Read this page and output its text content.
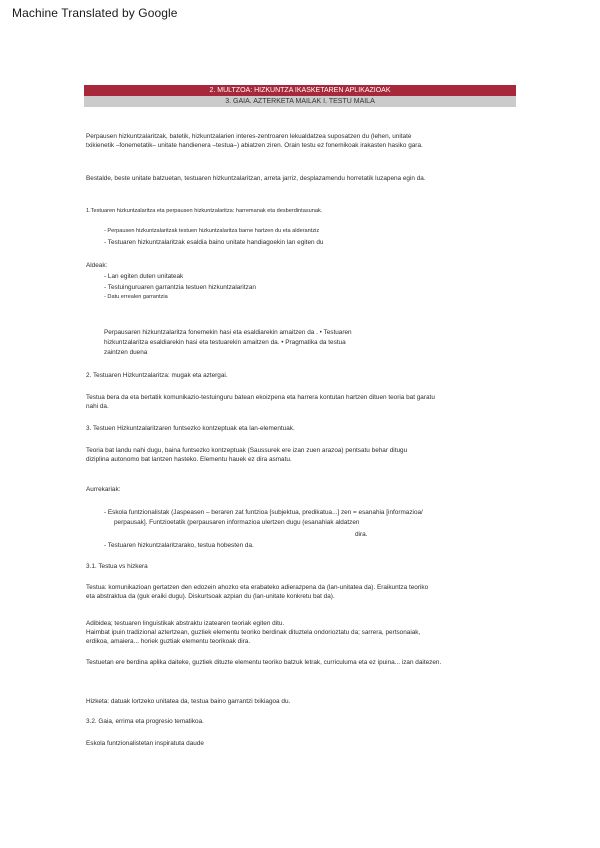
Machine Translated by Google
2. MULTZOA: HIZKUNTZA IKASKETAREN APLIKAZIOAK
3. GAIA. AZTERKETA MAILAK I. TESTU MAILA

Perpausen hizkuntzalaritzak, batetik, hizkuntzalarien interes-zentroaren lekualdatzea suposatzen du (lehen, unitate

txikienetik –fonemetatik– unitate handienera –testua–) abiatzen ziren. Orain testu ez fonemikoak irakasten hasiko gara.

Bestalde, beste unitate batzuetan, testuaren hizkuntzalaritzan, arreta jarriz, desplazamendu horretatik luzapena egin da.

1.Testuaren hizkuntzalaritza eta perpausen hizkuntzalaritza: harremanak eta desberdintasunak.

- Perpausen hizkuntzalaritzak testuen hizkuntzalaritza barne hartzen du eta alderantziz

- Testuaren hizkuntzalaritzak esaldia baino unitate handiagoekin lan egiten du

Aldeak:

- Lan egiten duten unitateak

- Testuinguruaren garrantzia testuen hizkuntzalaritzan

- Datu errealen garrantzia

Perpausaren hizkuntzalaritza fonemekin hasi eta esaldiarekin amaitzen da . • Testuaren

hizkuntzalaritza esaldiarekin hasi eta testuarekin amaitzen da. • Pragmatika da testua

zaintzen duena

2. Testuaren Hizkuntzalaritza: mugak eta aztergai.

Testua bera da eta bertatik komunikazio-testuinguru batean ekoizpena eta harrera kontutan hartzen dituen teoria bat garatu

nahi da.

3. Testuen Hizkuntzalaritzaren funtsezko kontzeptuak eta lan-elementuak.

Teoria bat landu nahi dugu, baina funtsezko kontzeptuak (Saussurek ere izan zuen arazoa) pentsatu behar ditugu

diziplina autonomo bat lantzen hasteko. Elementu hauek ez dira asmatu.

Aurrekariak:

- Eskola funtzionalistak (Jaspeasen – beraren zat funtzioa [subjektua, predikatua...] zen = esanahia [informazioa/

perpausak]. Funtzioetatik (perpausaren informazioa ulertzen dugu (esanahiak aldatzen

dira.

- Testuaren hizkuntzalaritzarako, testua hobesten da.

3.1. Testua vs hizkera

Testua: komunikazioan gertatzen den edozein ahozko eta erabateko adierazpena da (lan-unitatea da). Eraikuntza teoriko

eta abstraktua da (guk eraiki dugu). Diskurtsoak azpian du (lan-unitate konkretu bat da).

Adibidea; testuaren linguistikak abstraktu izatearen teoriak egiten ditu.

Haimbat ipuin tradizional aztertzean, guztiek elementu teoriko berdinak dituztela ondorioztatu da; sarrera, pertsonaiak,

erdikoa, amaiera... horiek guztiak elementu teorikoak dira.

Testuetan ere berdina aplika daiteke, guztiek dituzte elementu teoriko batzuk letrak, curriculuma eta ez ipuina... izan daitezen.

Hizketa: datuak lortzeko unitatea da, testua baino garrantzi txikiagoa du.

3.2. Gaia, errima eta progresio tematikoa.

Eskola funtzionalistetan inspiratuta daude
